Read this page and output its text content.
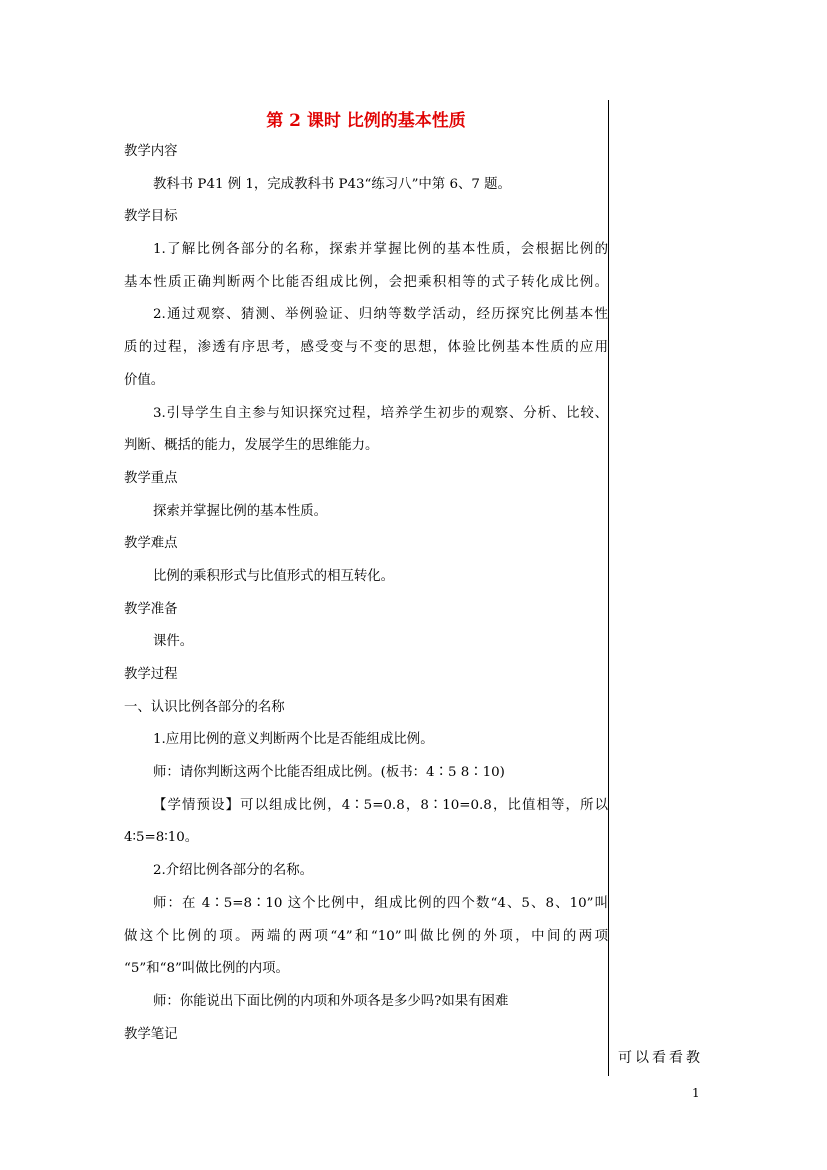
第 2 课时 比例的基本性质
教学内容
教科书 P41 例 1，完成教科书 P43“练习八”中第 6、7 题。
教学目标
1.了解比例各部分的名称，探索并掌握比例的基本性质，会根据比例的
基本性质正确判断两个比能否组成比例，会把乘积相等的式子转化成比例。
2.通过观察、猜测、举例验证、归纳等数学活动，经历探究比例基本性
质的过程，渗透有序思考，感受变与不变的思想，体验比例基本性质的应用
价值。
3.引导学生自主参与知识探究过程，培养学生初步的观察、分析、比较、
判断、概括的能力，发展学生的思维能力。
教学重点
探索并掌握比例的基本性质。
教学难点
比例的乘积形式与比值形式的相互转化。
教学准备
课件。
教学过程
一、认识比例各部分的名称
1.应用比例的意义判断两个比是否能组成比例。
师：请你判断这两个比能否组成比例。(板书：4∶5 8∶10)
【学情预设】可以组成比例，4∶5=0.8，8∶10=0.8，比值相等，所以
4∶5=8∶10。
2.介绍比例各部分的名称。
师：在 4∶5=8∶10 这个比例中，组成比例的四个数“4、5、8、10”叫
做这个比例的项。两端的两项“4”和“10”叫做比例的外项，中间的两项
“5”和“8”叫做比例的内项。
师：你能说出下面比例的内项和外项各是多少吗?如果有困难
教学笔记
可以看看教
1
